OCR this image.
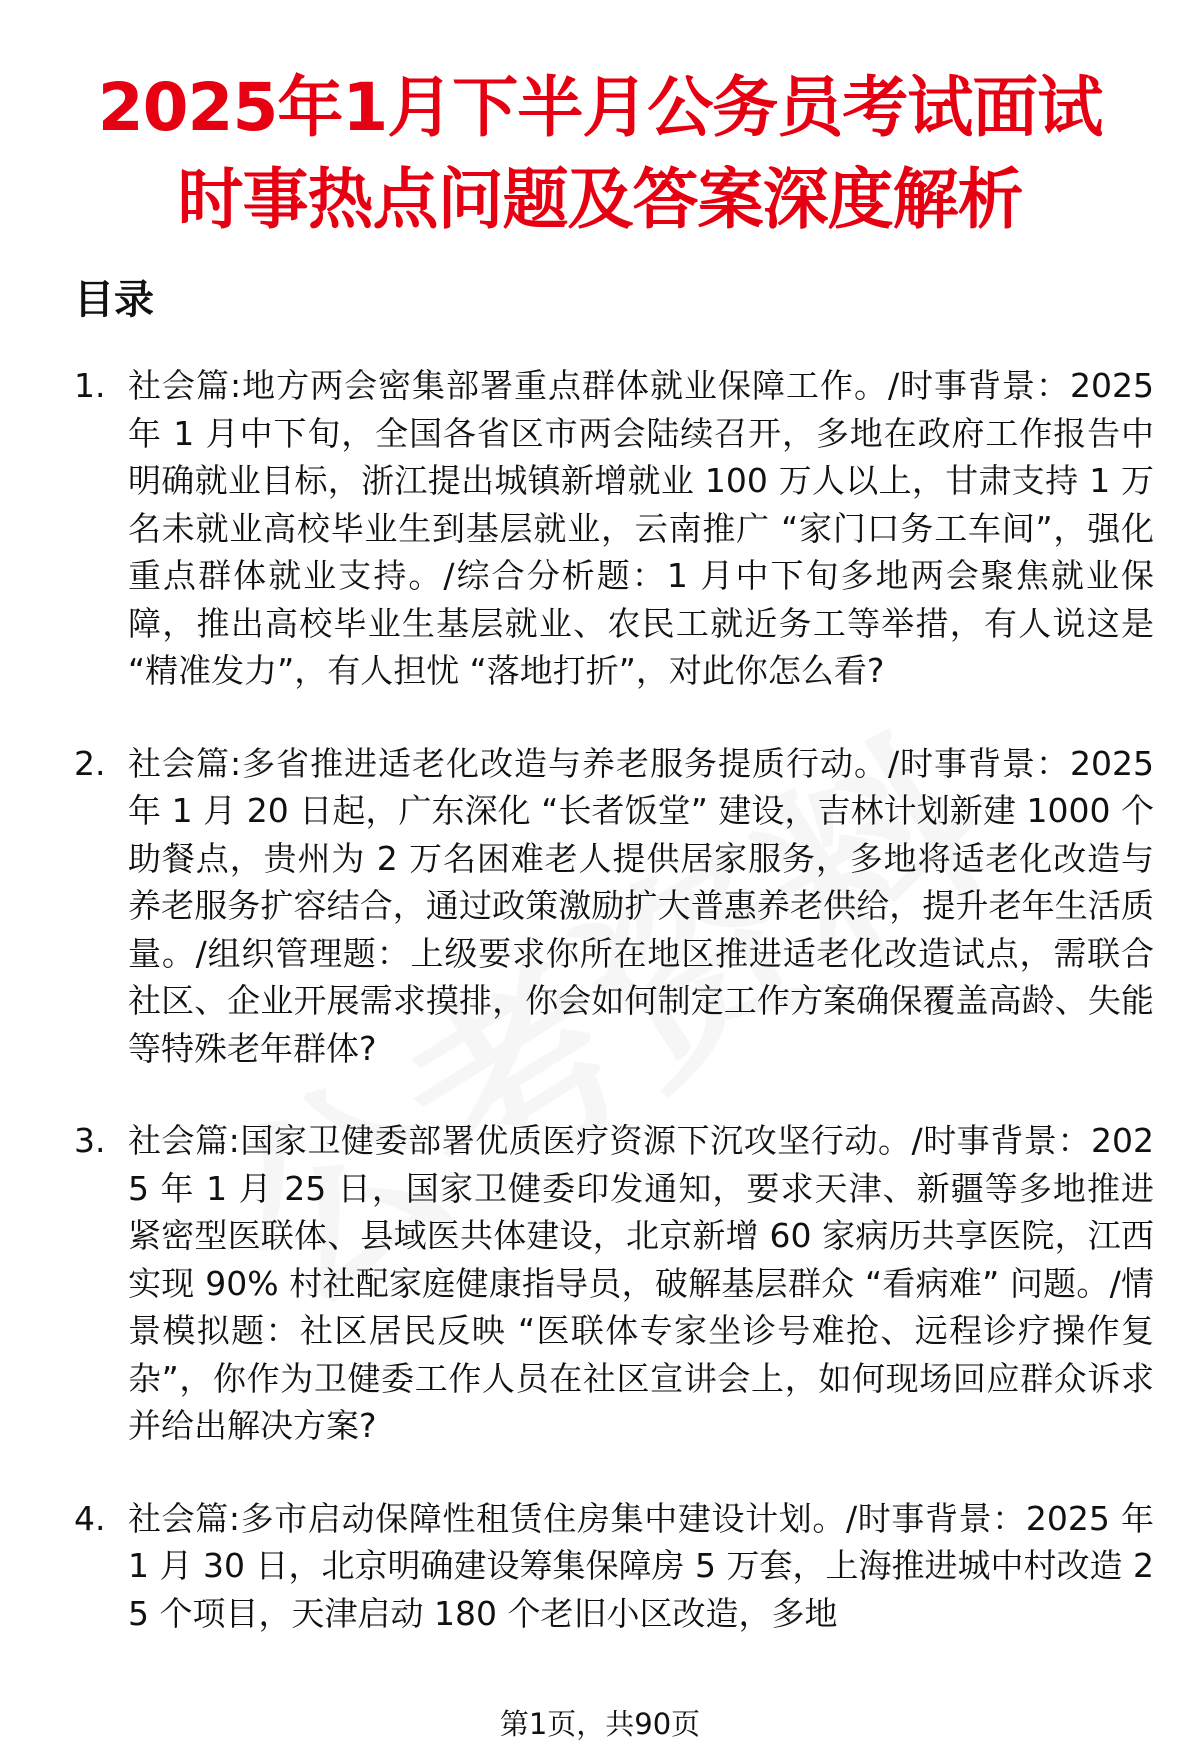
2025年1月下半月公务员考试面试
时事热点问题及答案深度解析
目录
1. 社会篇:地方两会密集部署重点群体就业保障工作。/时事背景：2025 年 1 月中下旬，全国各省区市两会陆续召开，多地在政府工作报告中明确就业目标，浙江提出城镇新增就业 100 万人以上，甘肃支持 1 万名未就业高校毕业生到基层就业，云南推广 “家门口务工车间”，强化重点群体就业支持。/综合分析题：1 月中下旬多地两会聚焦就业保障，推出高校毕业生基层就业、农民工就近务工等举措，有人说这是 “精准发力”，有人担忧 “落地打折”，对此你怎么看?
2. 社会篇:多省推进适老化改造与养老服务提质行动。/时事背景：2025 年 1 月 20 日起，广东深化 “长者饭堂” 建设，吉林计划新建 1000 个助餐点，贵州为 2 万名困难老人提供居家服务，多地将适老化改造与养老服务扩容结合，通过政策激励扩大普惠养老供给，提升老年生活质量。/组织管理题：上级要求你所在地区推进适老化改造试点，需联合社区、企业开展需求摸排，你会如何制定工作方案确保覆盖高龄、失能等特殊老年群体?
3. 社会篇:国家卫健委部署优质医疗资源下沉攻坚行动。/时事背景：2025 年 1 月 25 日，国家卫健委印发通知，要求天津、新疆等多地推进紧密型医联体、县域医共体建设，北京新增 60 家病历共享医院，江西实现 90% 村社配家庭健康指导员，破解基层群众 “看病难” 问题。/情景模拟题：社区居民反映 “医联体专家坐诊号难抢、远程诊疗操作复杂”，你作为卫健委工作人员在社区宣讲会上，如何现场回应群众诉求并给出解决方案?
4. 社会篇:多市启动保障性租赁住房集中建设计划。/时事背景：2025 年 1 月 30 日，北京明确建设筹集保障房 5 万套，上海推进城中村改造 25 个项目，天津启动 180 个老旧小区改造，多地
第1页，共90页
